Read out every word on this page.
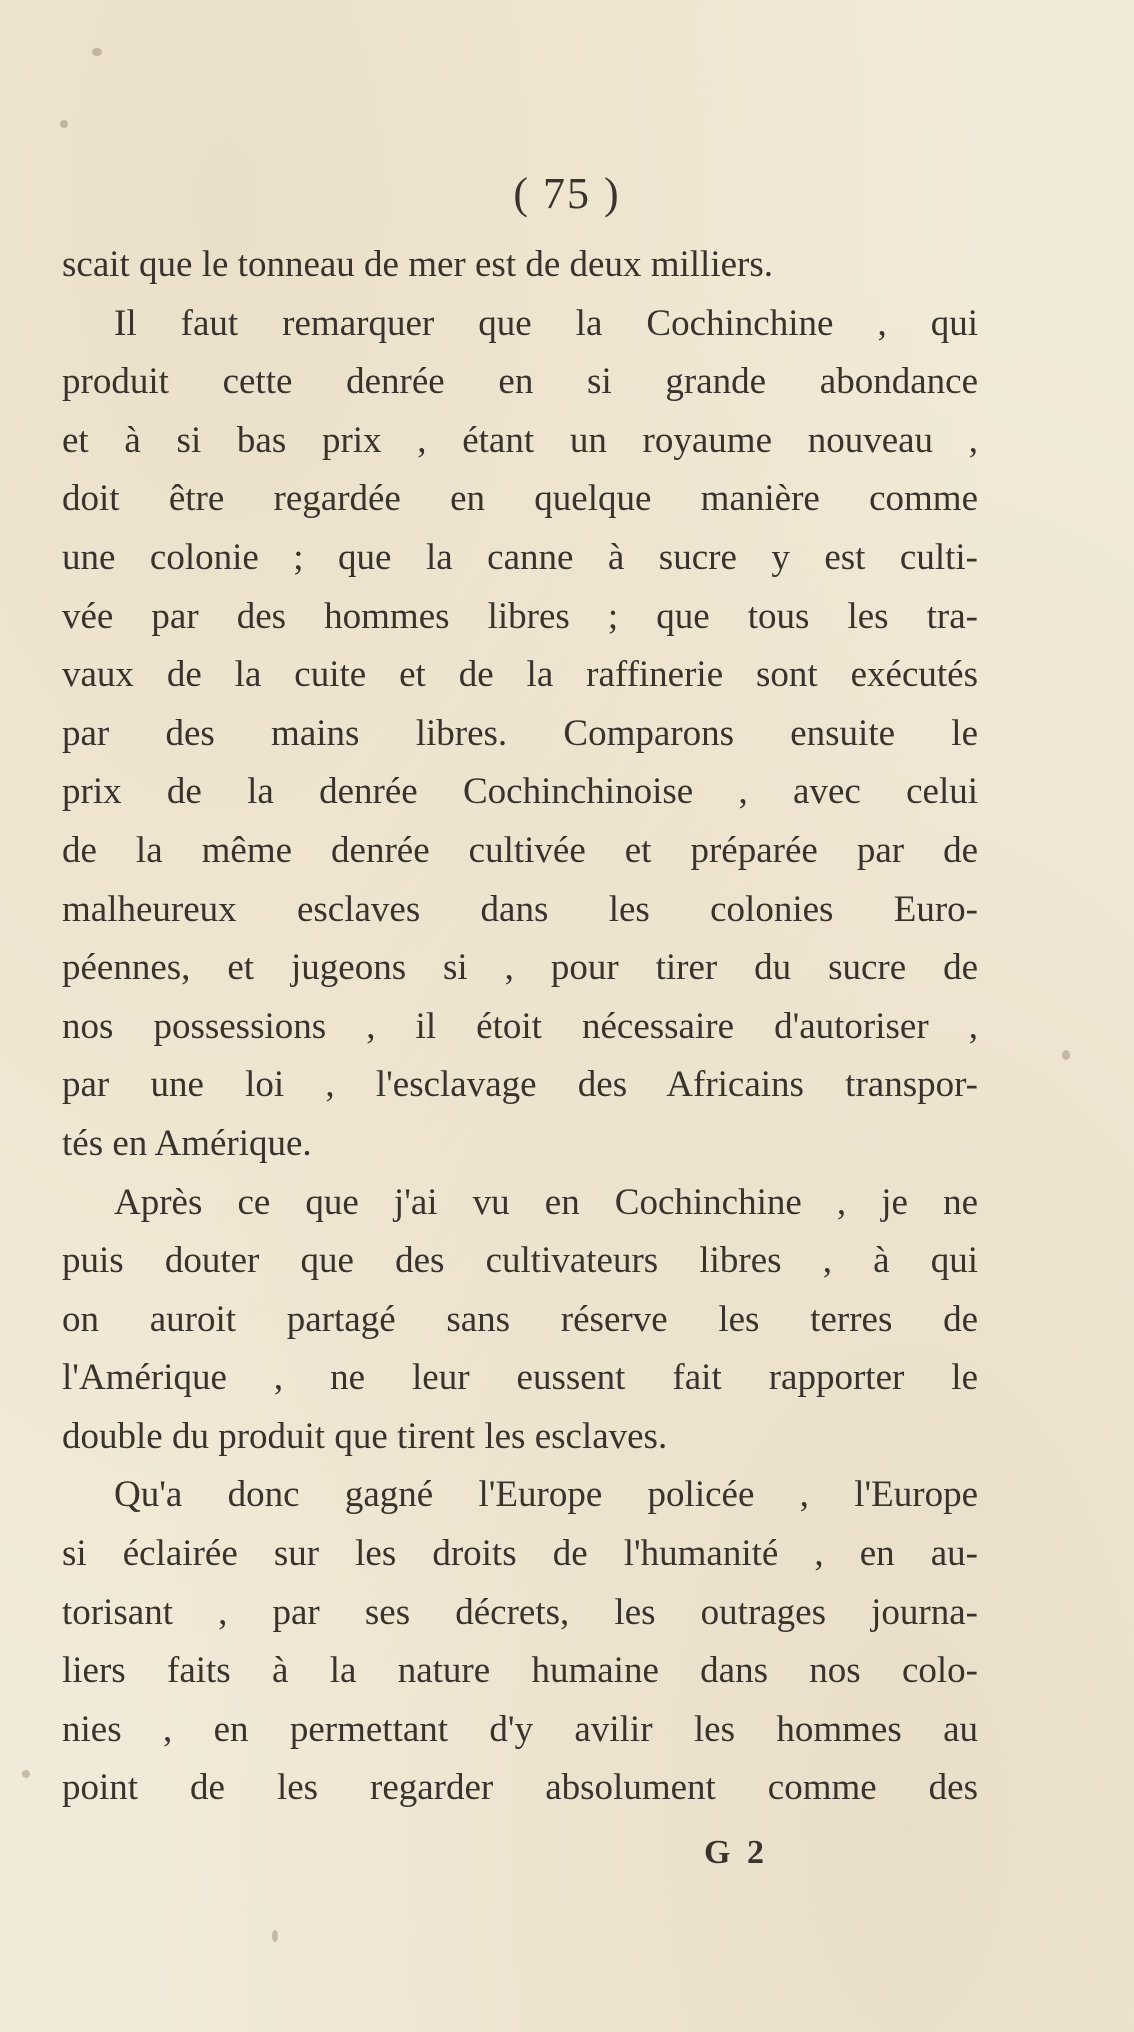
( 75 )
scait que le tonneau de mer est de deux milliers.
Il faut remarquer que la Cochinchine , qui
produit cette denrée en si grande abondance
et à si bas prix , étant un royaume nouveau ,
doit être regardée en quelque manière comme
une colonie ; que la canne à sucre y est culti-
vée par des hommes libres ; que tous les tra-
vaux de la cuite et de la raffinerie sont exécutés
par des mains libres. Comparons ensuite le
prix de la denrée Cochinchinoise , avec celui
de la même denrée cultivée et préparée par de
malheureux esclaves dans les colonies Euro-
péennes, et jugeons si , pour tirer du sucre de
nos possessions , il étoit nécessaire d'autoriser ,
par une loi , l'esclavage des Africains transpor-
tés en Amérique.
Après ce que j'ai vu en Cochinchine , je ne
puis douter que des cultivateurs libres , à qui
on auroit partagé sans réserve les terres de
l'Amérique , ne leur eussent fait rapporter le
double du produit que tirent les esclaves.
Qu'a donc gagné l'Europe policée , l'Europe
si éclairée sur les droits de l'humanité , en au-
torisant , par ses décrets, les outrages journa-
liers faits à la nature humaine dans nos colo-
nies , en permettant d'y avilir les hommes au
point de les regarder absolument comme des
G 2
